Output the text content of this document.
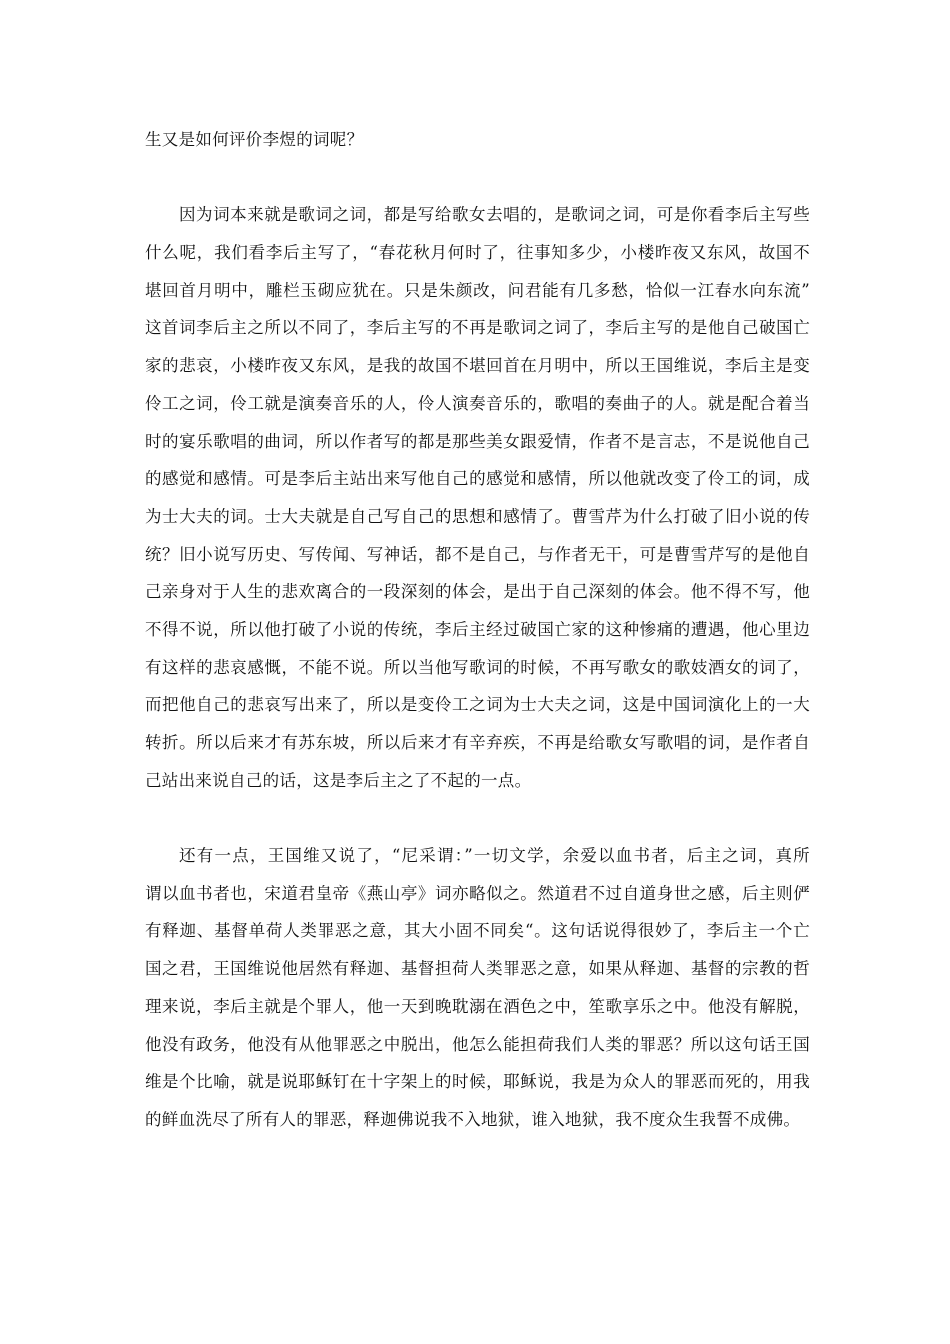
生又是如何评价李煜的词呢？
因为词本来就是歌词之词，都是写给歌女去唱的，是歌词之词，可是你看李后主写些
什么呢，我们看李后主写了，“春花秋月何时了，往事知多少，小楼昨夜又东风，故国不
堪回首月明中，雕栏玉砌应犹在。只是朱颜改，问君能有几多愁，恰似一江春水向东流”
这首词李后主之所以不同了，李后主写的不再是歌词之词了，李后主写的是他自己破国亡
家的悲哀，小楼昨夜又东风，是我的故国不堪回首在月明中，所以王国维说，李后主是变
伶工之词，伶工就是演奏音乐的人，伶人演奏音乐的，歌唱的奏曲子的人。就是配合着当
时的宴乐歌唱的曲词，所以作者写的都是那些美女跟爱情，作者不是言志，不是说他自己
的感觉和感情。可是李后主站出来写他自己的感觉和感情，所以他就改变了伶工的词，成
为士大夫的词。士大夫就是自己写自己的思想和感情了。曹雪芹为什么打破了旧小说的传
统？旧小说写历史、写传闻、写神话，都不是自己，与作者无干，可是曹雪芹写的是他自
己亲身对于人生的悲欢离合的一段深刻的体会，是出于自己深刻的体会。他不得不写，他
不得不说，所以他打破了小说的传统，李后主经过破国亡家的这种惨痛的遭遇，他心里边
有这样的悲哀感慨，不能不说。所以当他写歌词的时候，不再写歌女的歌妓酒女的词了，
而把他自己的悲哀写出来了，所以是变伶工之词为士大夫之词，这是中国词演化上的一大
转折。所以后来才有苏东坡，所以后来才有辛弃疾，不再是给歌女写歌唱的词，是作者自
己站出来说自己的话，这是李后主之了不起的一点。
还有一点，王国维又说了，“尼采谓：”一切文学，余爱以血书者，后主之词，真所
谓以血书者也，宋道君皇帝《燕山亭》词亦略似之。然道君不过自道身世之感，后主则俨
有释迦、基督单荷人类罪恶之意，其大小固不同矣“。这句话说得很妙了，李后主一个亡
国之君，王国维说他居然有释迦、基督担荷人类罪恶之意，如果从释迦、基督的宗教的哲
理来说，李后主就是个罪人，他一天到晚耽溺在酒色之中，笙歌享乐之中。他没有解脱，
他没有政务，他没有从他罪恶之中脱出，他怎么能担荷我们人类的罪恶？所以这句话王国
维是个比喻，就是说耶稣钉在十字架上的时候，耶稣说，我是为众人的罪恶而死的，用我
的鲜血洗尽了所有人的罪恶，释迦佛说我不入地狱，谁入地狱，我不度众生我誓不成佛。
